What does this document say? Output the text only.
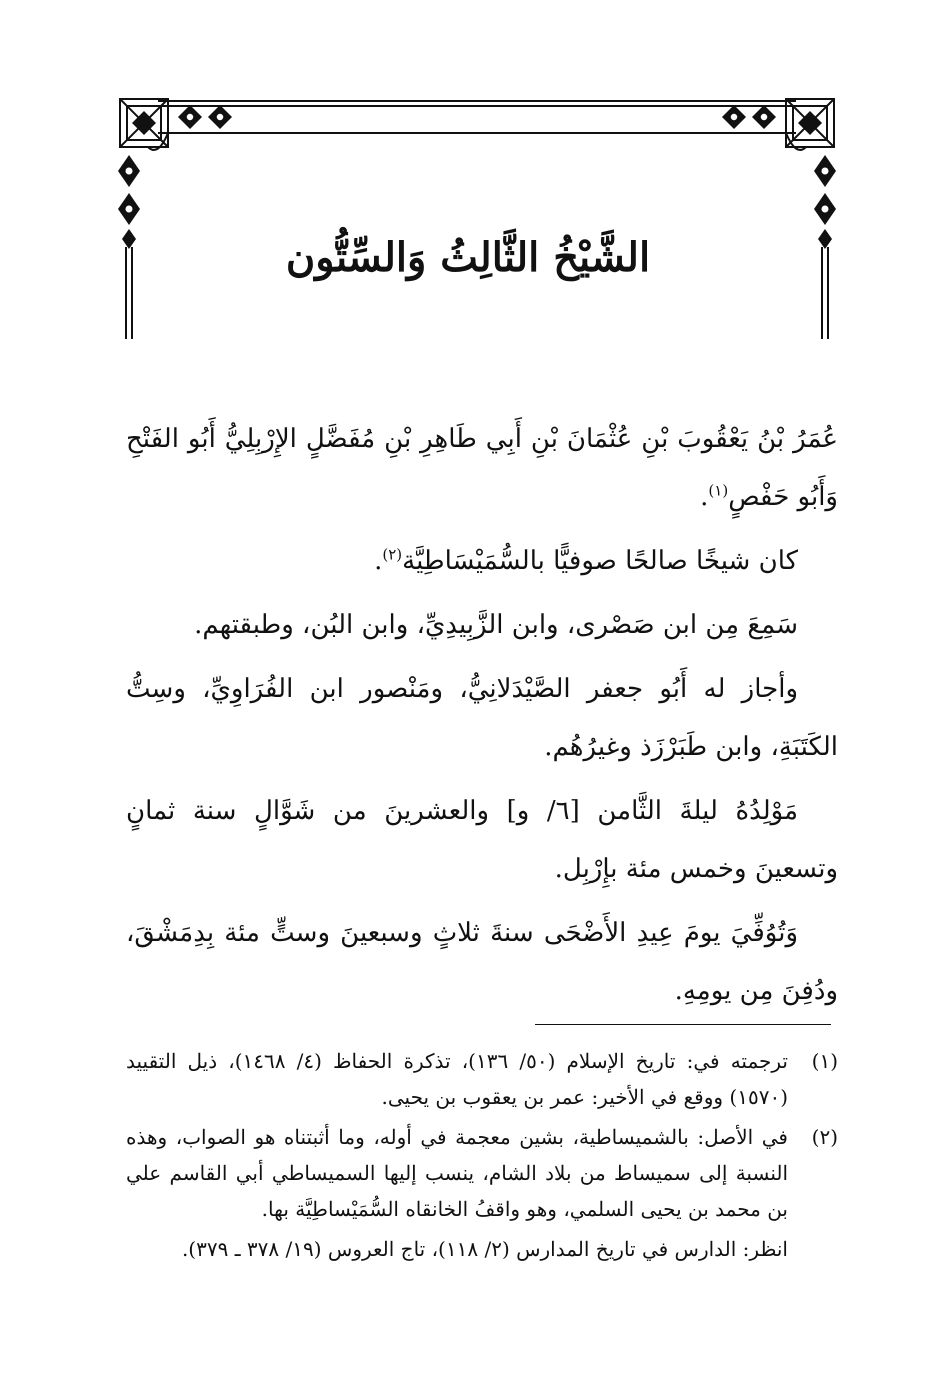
الشَّيْخُ الثَّالِثُ وَالسِّتُّون

عُمَرُ بْنُ يَعْقُوبَ بْنِ عُثْمَانَ بْنِ أَبِي طَاهِرِ بْنِ مُفَضَّلٍ الإِرْبِلِيُّ أَبُو الفَتْحِ وَأَبُو حَفْصٍ$^{(١)}$.

كان شيخًا صالحًا صوفيًّا بالسُّمَيْسَاطِيَّة$^{(٢)}$.

سَمِعَ مِن ابن صَصْرى، وابن الزَّبِيدِيِّ، وابن البُن، وطبقتهم.

وأجاز له أَبُو جعفر الصَّيْدَلانِيُّ، ومَنْصور ابن الفُرَاوِيِّ، وسِتُّ الكَتَبَةِ، وابن طَبَرْزَذ وغيرُهُم.

مَوْلِدُهُ ليلةَ الثَّامن [٦/ و] والعشرينَ من شَوَّالٍ سنة ثمانٍ وتسعينَ وخمس مئة بإِرْبِل.

وَتُوُفِّيَ يومَ عِيدِ الأَضْحَى سنةَ ثلاثٍ وسبعينَ وستٍّ مئة بِدِمَشْقَ، ودُفِنَ مِن يومِهِ.

(١)
ترجمته في: تاريخ الإسلام (٥٠/ ١٣٦)، تذكرة الحفاظ (٤/ ١٤٦٨)، ذيل التقييد (١٥٧٠) ووقع في الأخير: عمر بن يعقوب بن يحيى.
(٢)
في الأصل: بالشميساطية، بشين معجمة في أوله، وما أثبتناه هو الصواب، وهذه النسبة إلى سميساط من بلاد الشام، ينسب إليها السميساطي أبي القاسم علي بن محمد بن يحيى السلمي، وهو واقفُ الخانقاه السُّمَيْساطِيَّة بها.
انظر: الدارس في تاريخ المدارس (٢/ ١١٨)، تاج العروس (١٩/ ٣٧٨ ـ ٣٧٩).
